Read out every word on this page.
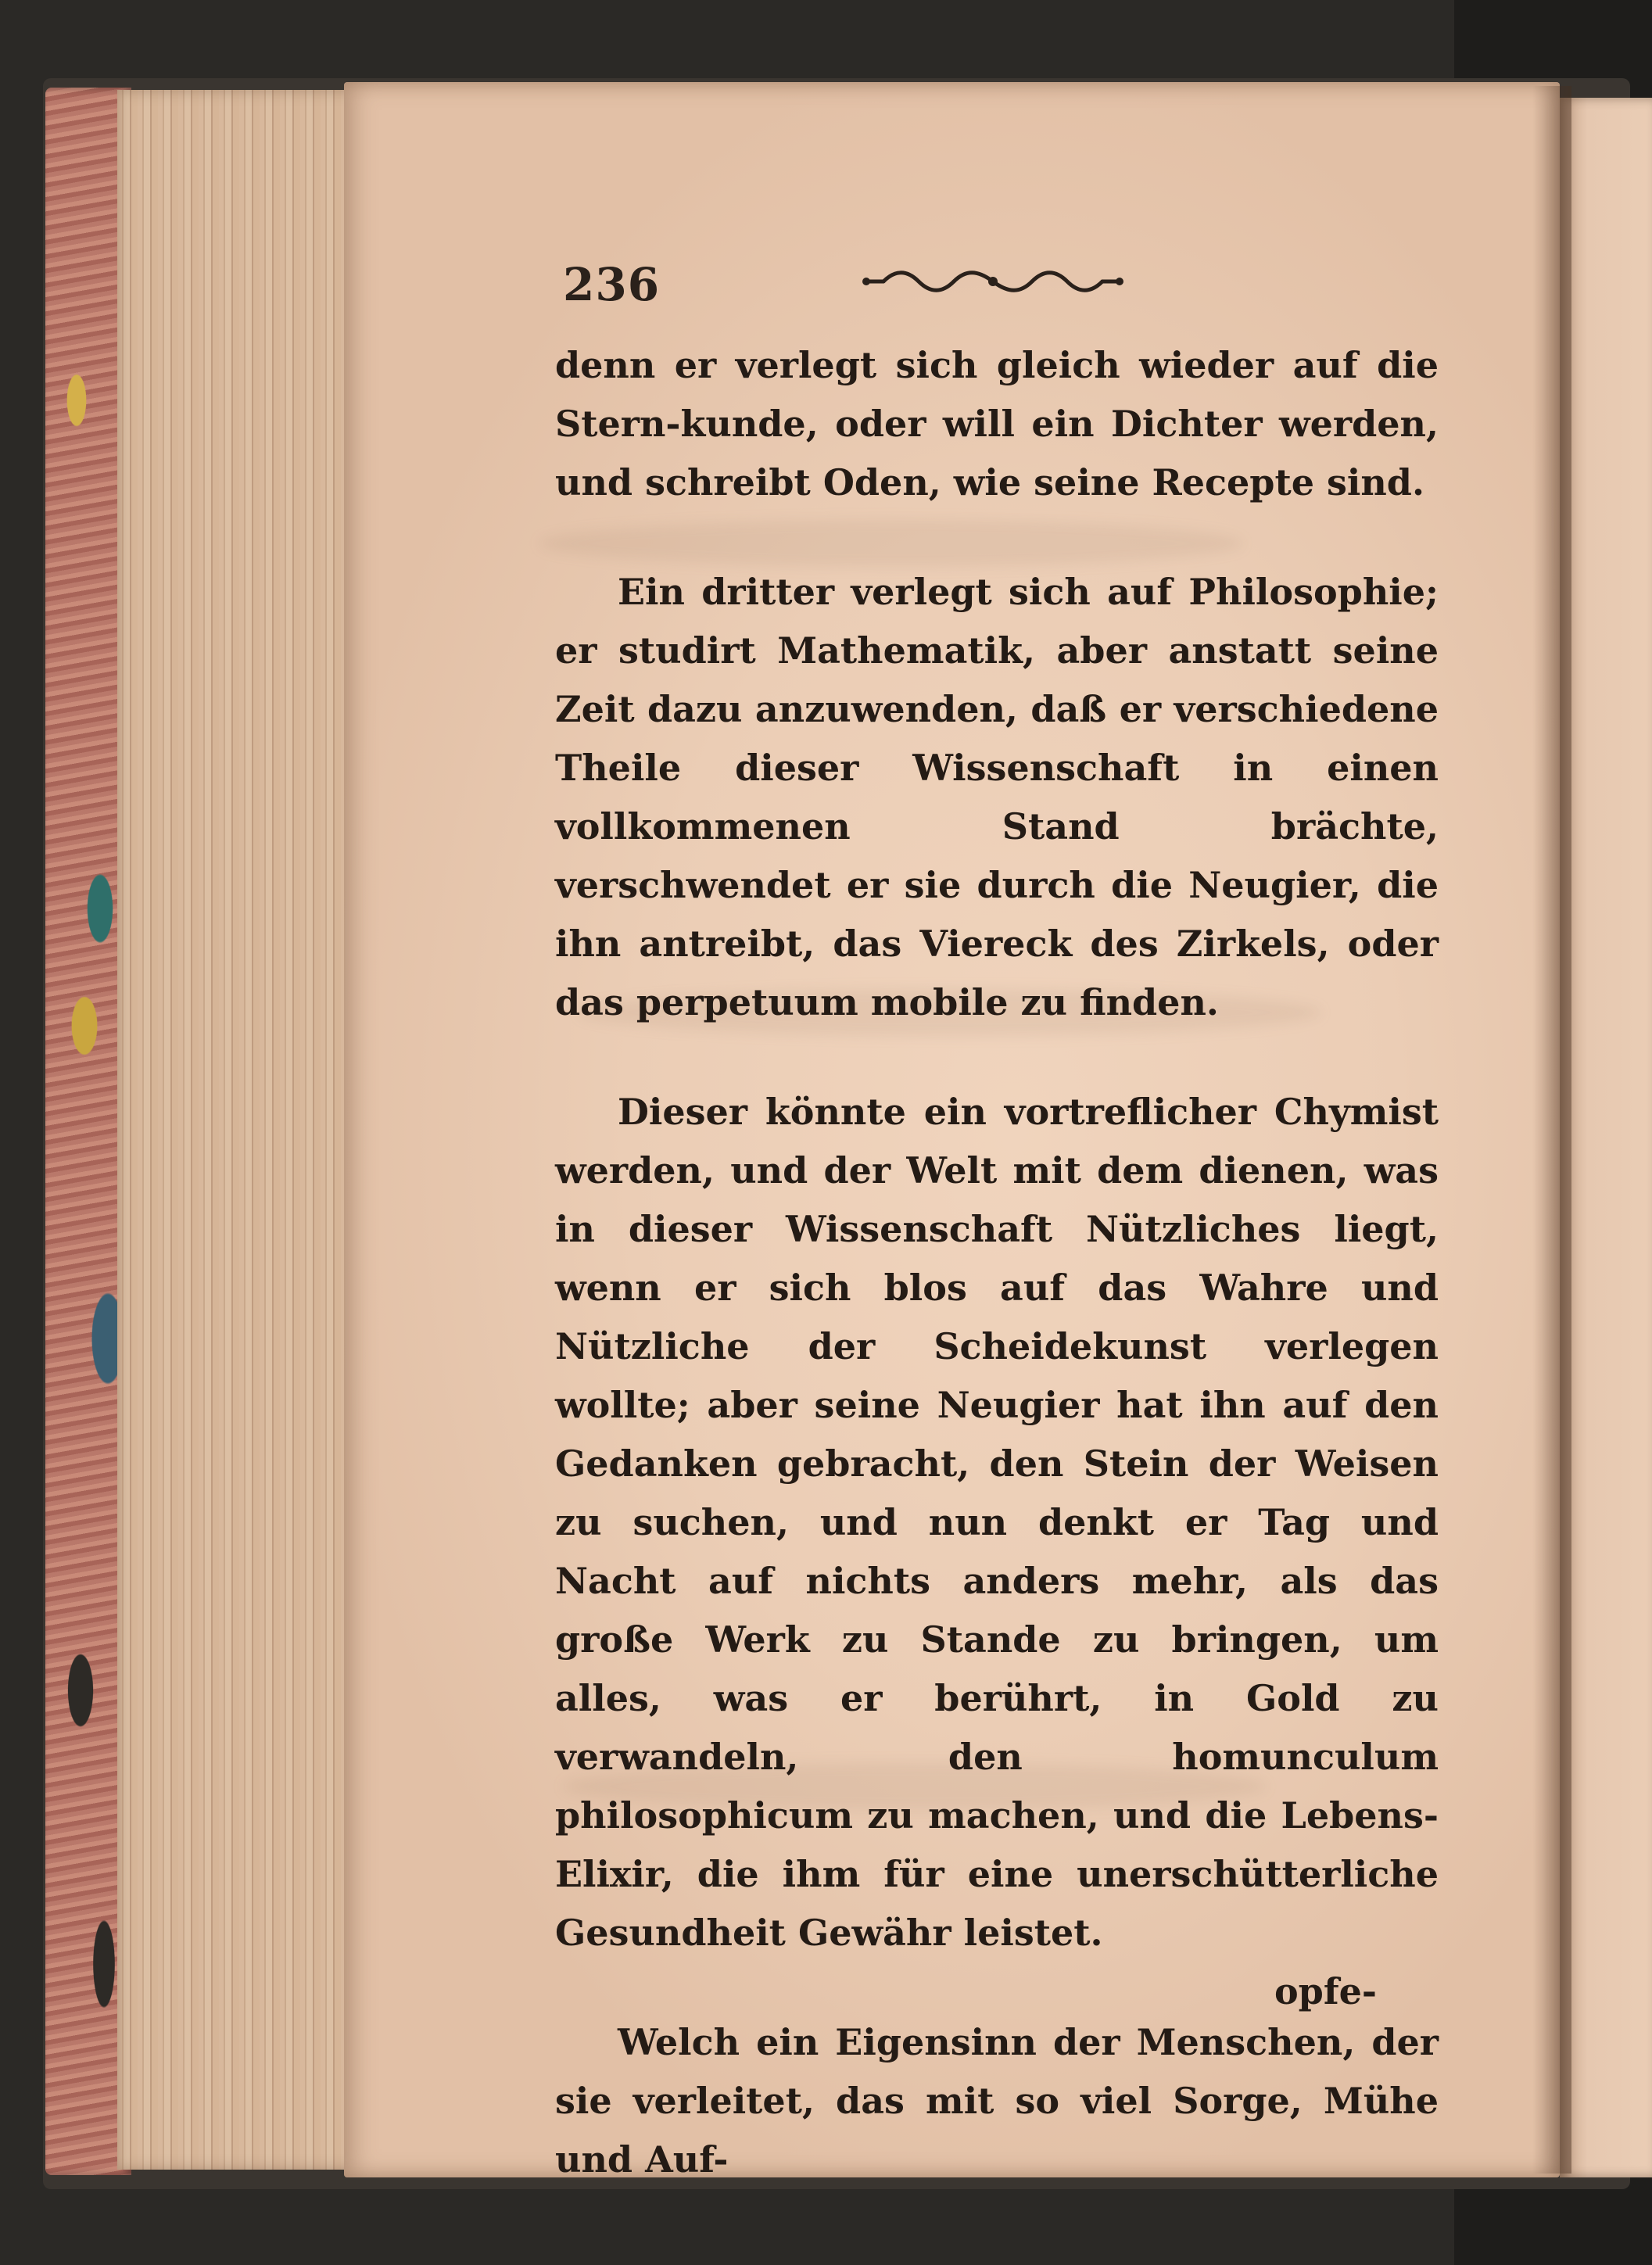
236

denn er verlegt sich gleich wieder auf die Stern-kunde, oder will ein Dichter werden, und schreibt Oden, wie seine Recepte sind.

Ein dritter verlegt sich auf Philosophie; er studirt Mathematik, aber anstatt seine Zeit dazu anzuwenden, daß er verschiedene Theile dieser Wissenschaft in einen vollkommenen Stand brächte, verschwendet er sie durch die Neugier, die ihn antreibt, das Viereck des Zirkels, oder das perpetuum mobile zu finden.

Dieser könnte ein vortreflicher Chymist werden, und der Welt mit dem dienen, was in dieser Wissenschaft Nützliches liegt, wenn er sich blos auf das Wahre und Nützliche der Scheidekunst verlegen wollte; aber seine Neugier hat ihn auf den Gedanken gebracht, den Stein der Weisen zu suchen, und nun denkt er Tag und Nacht auf nichts anders mehr, als das große Werk zu Stande zu bringen, um alles, was er berührt, in Gold zu verwandeln, den homunculum philosophicum zu machen, und die Lebens-Elixir, die ihm für eine unerschütterliche Gesundheit Gewähr leistet.

Welch ein Eigensinn der Menschen, der sie verleitet, das mit so viel Sorge, Mühe und Auf-

opfe-
